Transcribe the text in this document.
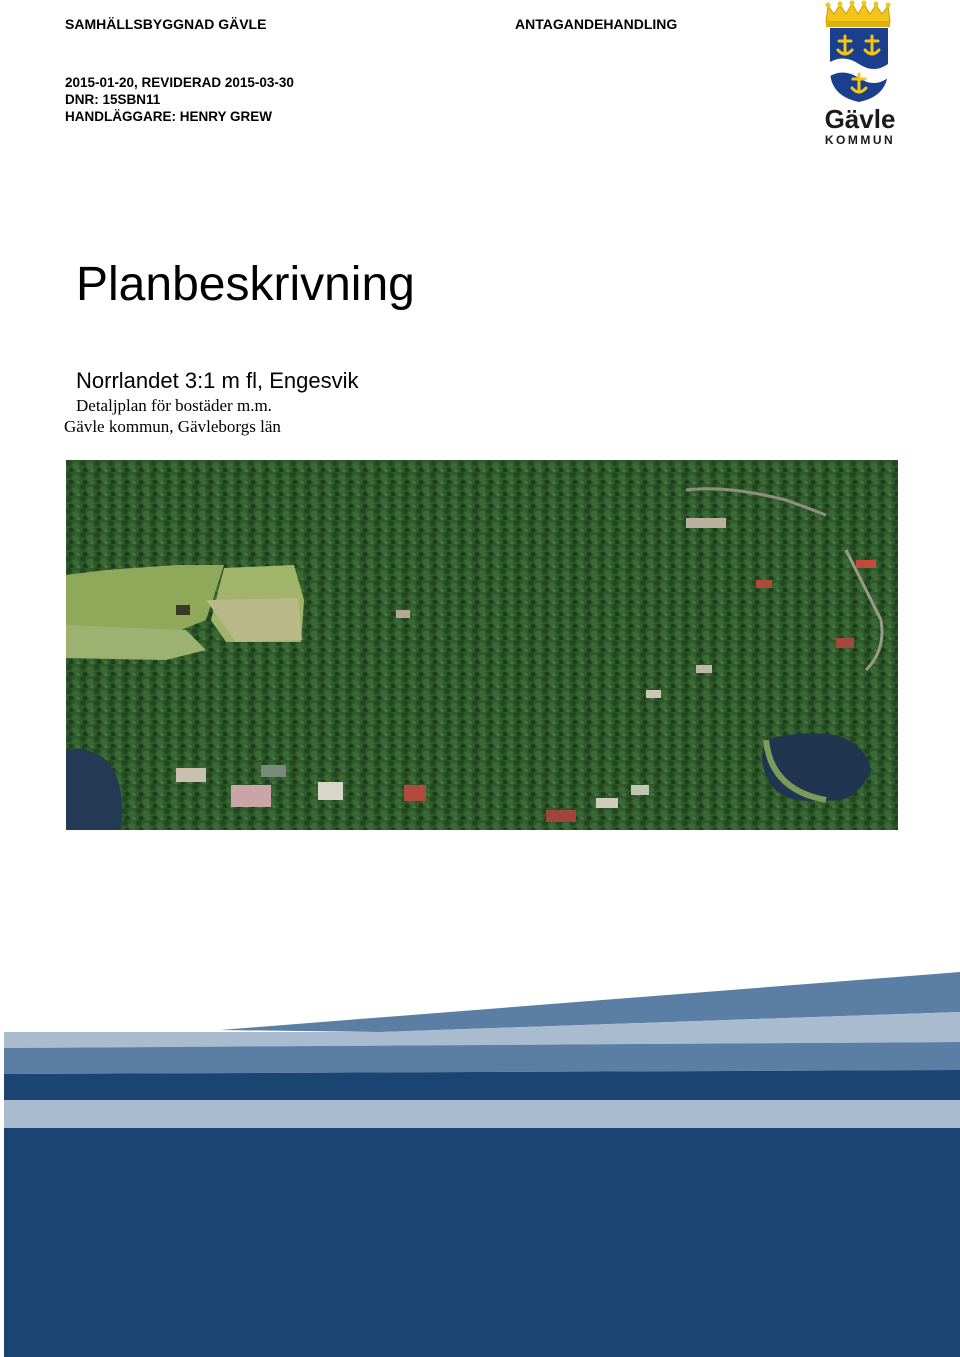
SAMHÄLLSBYGGNAD GÄVLE	ANTAGANDEHANDLING
2015-01-20, REVIDERAD 2015-03-30
DNR: 15SBN11
HANDLÄGGARE: HENRY GREW	Gävle
KOMMUN
Planbeskrivning
Norrlandet 3:1 m fl, Engesvik
Detaljplan för bostäder m.m.
Gävle kommun, Gävleborgs län
